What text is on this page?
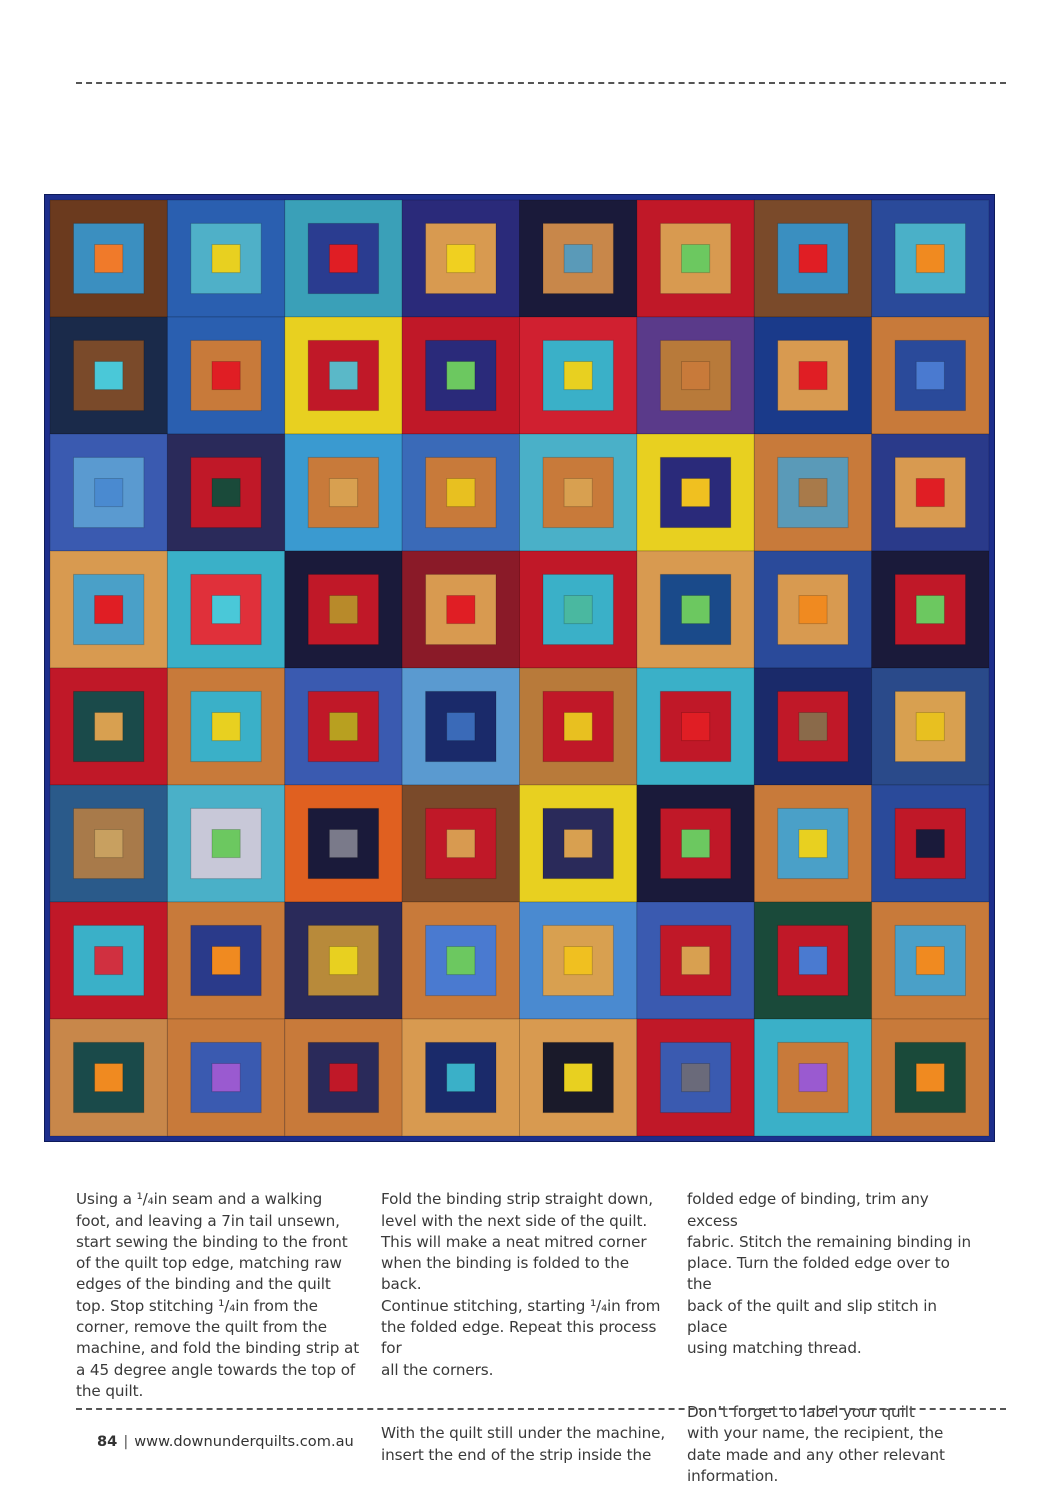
Using a ¹/₄in seam and a walking
foot, and leaving a 7in tail unsewn,
start sewing the binding to the front
of the quilt top edge, matching raw
edges of the binding and the quilt
top. Stop stitching ¹/₄in from the
corner, remove the quilt from the
machine, and fold the binding strip at
a 45 degree angle towards the top of
the quilt.

Fold the binding strip straight down,
level with the next side of the quilt.
This will make a neat mitred corner
when the binding is folded to the back.
Continue stitching, starting ¹/₄in from
the folded edge. Repeat this process for
all the corners.

With the quilt still under the machine,
insert the end of the strip inside the

folded edge of binding, trim any excess
fabric. Stitch the remaining binding in
place. Turn the folded edge over to the
back of the quilt and slip stitch in place
using matching thread.

Don’t forget to label your quilt
with your name, the recipient, the
date made and any other relevant
information.

84 | www.downunderquilts.com.au
